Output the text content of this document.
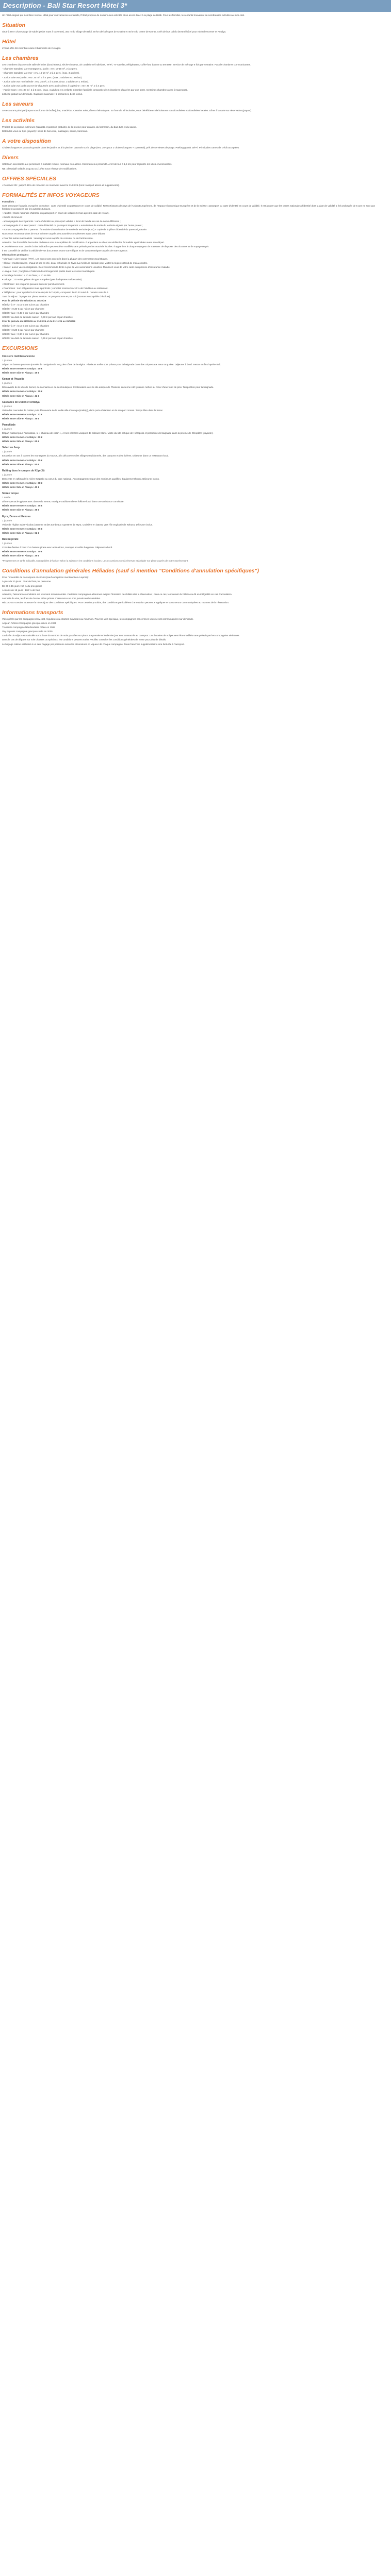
Description - Bali Star Resort Hôtel 3*

Un hôtel élégant qui s'est bien rénové. Idéal pour vos vacances en famille, l'hôtel propose de nombreuses activités et un accès direct à la plage de Beldi. Pour les familles, les enfants trouveront de nombreuses activités au mini-club.

Situation

Situé à 50 m d'une plage de sable (petite route à traverser), 300 m du village de Beldi, 50 km de l'aéroport de Antalya et 45 km du centre de Kemer. Arrêt de bus public devant l'hôtel pour rejoindre Kemer et Antalya.

Hôtel

L'hôtel offre 98 chambres dans 3 bâtiments de 2 étages.

Les chambres

Les chambres disposent de salle de bains (douche/WC), sèche-cheveux, air conditionné individuel, Wi-Fi, TV satellite, réfrigérateur, coffre-fort, balcon ou terrasse. Service de ménage 6 fois par semaine. Pas de chambres communicantes.

- Chambre standard vue montagne ou jardin : env. 16-18 m², 2 à 3 pers.

- Chambre standard vue mer : env. 16-18 m², 2 à 3 pers. (max. 3 adultes).

- Junior suite vue jardin : env. 25 m², 2 à 4 pers. (max. 3 adultes et 1 enfant).

- Junior suite vue mer latérale : env. 25 m², 2 à 4 pers. (max. 3 adultes et 1 enfant).

- Junior suite vue jardin au rez-de-chaussée avec accès direct à la piscine : env. 25 m², 2 à 4 pers.

- Family room : env. 30 m², 2 à 5 pers. (max. 4 adultes et 1 enfant). Chambre familiale composée de 2 chambres séparées par une porte. Certaines chambres avec lit superposé.

Lit bébé gratuit sur demande. Capacité maximale : 5 personnes, bébé inclus.

Les saveurs

Le restaurant principal (repas sous forme de buffet), bar, snack-bar. Certains soirs, dîners thématiques. En formule all inclusive, vous bénéficierez de boissons non alcoolisées et alcoolisées locales. Dîner à la carte sur réservation (payant).

Les activités

Profitez de la piscine extérieure (transats et parasols gratuits), de la piscine pour enfants, du hammam, du bain turc et du sauna.

Détendez-vous au Spa (payant) : soins de bien-être, massages, sauna, hammam.

A votre disposition

Chaises longues et parasols gratuits dans les jardins et à la piscine, parasols sur la plage (env. 20 € pour 2 chaises longues + 1 parasol), prêt de serviettes de plage. Parking gratuit. Wi-Fi. Principales cartes de crédit acceptées.

Divers

Hôtel non accessible aux personnes à mobilité réduite. Animaux non admis. Commerces à proximité. Arrêt de bus à 1,5 km pour rejoindre les villes environnantes.

NB : descriptif valable jusqu'au 31/10/23 sous réserve de modifications.

OFFRES SPÉCIALES

• Réservez tôt : jusqu'à 15% de réduction en réservant avant le 31/03/26 (hors transport aérien et suppléments).

FORMALITÉS ET INFOS VOYAGEURS

Formalités :

Sont passeport français, européen ou suisse : carte d'identité ou passeport en cours de validité. Ressortissants de pays de l'Union Européenne, de l'Espace Économique Européen et de la Suisse : passeport ou carte d'identité en cours de validité. Il est à noter que les cartes nationales d'identité dont la date de validité a été prolongée de 5 ans ne sont pas forcément acceptées par les autorités turques.

• Adultes : Carte nationale d'identité ou passeport en cours de validité (6 mois après la date de retour).

• Bébés et mineurs :

- accompagnés des 2 parents : carte d'identité ou passeport valides + livret de famille en cas de noms différents ;

- accompagnés d'un seul parent : carte d'identité ou passeport du parent + autorisation de sortie du territoire signée par l'autre parent ;

- non accompagnés des 2 parents : formulaire d'autorisation de sortie de territoire (AST) + copie de la pièce d'identité du parent signataire.

Nous vous recommandons de vous informer auprès des autorités compétentes avant votre départ.

• Pour les autres nationalités : renseignez-vous auprès du consulat ou de l'ambassade.

Attention : les formalités énoncées ci-dessus sont susceptibles de modification. Il appartient au client de vérifier les formalités applicables avant son départ.

• Ces éléments sont donnés à titre indicatif et peuvent être modifiés sans préavis par les autorités locales. Il appartient à chaque voyageur de s'assurer de disposer des documents de voyage requis.

Il est conseillé de vérifier la validité de vos documents avant votre départ et de vous renseigner auprès de votre agence.

Informations pratiques :

• Monnaie : Livre turque (TRY). Les euros sont acceptés dans la plupart des commerces touristiques.

• Climat : méditerranéen, chaud et sec en été, doux et humide en hiver. La meilleure période pour visiter la région s'étend de mai à octobre.

• Santé : aucun vaccin obligatoire. Il est recommandé d'être à jour de vos vaccinations usuelles. Munissez-vous de votre carte européenne d'assurance maladie.

• Langue : turc ; l'anglais et l'allemand sont largement parlés dans les zones touristiques.

• Décalage horaire : + 1h en hiver, + 1h en été.

• Voltage : 220 volts, prises de type européen (pas d'adaptateur nécessaire).

• Électricité : les coupures peuvent survenir ponctuellement.

• Pourboires : non obligatoires mais appréciés ; comptez environ 5 à 10 % de l'addition au restaurant.

• Téléphone : pour appeler la France depuis la Turquie, composez le 00 33 suivi du numéro sans le 0.

Taxe de séjour : à payer sur place, environ 2 € par personne et par nuit (montant susceptible d'évoluer).

Pour la période du 01/04/26 au 30/10/26

Hôtel 2* à 4* : 0,15 € par nuit et par chambre

Hôtel 5* : 0,30 € par nuit et par chambre

Hôtel 5* luxe : 0,45 € par nuit et par chambre

Hôtel 5* au-delà de la haute saison : 0,60 € par nuit et par chambre

Pour la période du 01/01/26 au 31/03/26 et du 01/11/26 au 31/12/26

Hôtel 2* à 4* : 0,10 € par nuit et par chambre

Hôtel 5* : 0,20 € par nuit et par chambre

Hôtel 5* luxe : 0,30 € par nuit et par chambre

Hôtel 5* au-delà de la haute saison : 0,45 € par nuit et par chambre

EXCURSIONS
Croisière méditerranéenne

1 journée

Départ en bateau pour une journée de navigation le long des côtes de la région. Plusieurs arrêts sont prévus pour la baignade dans des criques aux eaux turquoise. Déjeuner à bord. Retour en fin d'après-midi.

Hôtels entre Kemer et Antalya : 40 €

Hôtels entre Side et Alanya : 45 €

Kemer et Phaselis

1 journée

Découverte de la ville de Kemer, de sa marina et de ses boutiques. Continuation vers le site antique de Phaselis, ancienne cité lycienne nichée au cœur d'une forêt de pins. Temps libre pour la baignade.

Hôtels entre Kemer et Antalya : 35 €

Hôtels entre Side et Alanya : 42 €

Cascades de Düden et Antalya

1 journée

Visite des cascades de Düden puis découverte de la vieille ville d'Antalya (Kaleiçi), de la porte d'Hadrien et de son port romain. Temps libre dans le bazar.

Hôtels entre Kemer et Antalya : 32 €

Hôtels entre Side et Alanya : 38 €

Pamukkale

1 journée

Départ matinal pour Pamukkale, le « château de coton », et ses célèbres vasques de calcaire blanc. Visite du site antique de Hiérapolis et possibilité de baignade dans la piscine de Cléopâtre (payante).

Hôtels entre Kemer et Antalya : 60 €

Hôtels entre Side et Alanya : 65 €

Safari en Jeep

1 journée

Excursion en 4x4 à travers les montagnes du Taurus, à la découverte des villages traditionnels, des canyons et des rivières. Déjeuner dans un restaurant local.

Hôtels entre Kemer et Antalya : 45 €

Hôtels entre Side et Alanya : 50 €

Rafting dans le canyon de Köprülü

1 journée

Descente en rafting de la rivière Köprülü au cœur du parc national. Accompagnement par des moniteurs qualifiés. Équipement fourni. Déjeuner inclus.

Hôtels entre Kemer et Antalya : 38 €

Hôtels entre Side et Alanya : 40 €

Soirée turque

1 soirée

Dîner-spectacle typique avec danse du ventre, musique traditionnelle et folklore local dans une ambiance conviviale.

Hôtels entre Kemer et Antalya : 35 €

Hôtels entre Side et Alanya : 38 €

Myra, Demre et Kekova

1 journée

Visite de l'église Saint-Nicolas à Demre et des tombeaux rupestres de Myra. Croisière en bateau vers l'île engloutie de Kekova. Déjeuner inclus.

Hôtels entre Kemer et Antalya : 55 €

Hôtels entre Side et Alanya : 62 €

Bateau pirate

1 journée

Croisière festive à bord d'un bateau pirate avec animations, musique et arrêts baignade. Déjeuner à bord.

Hôtels entre Kemer et Antalya : 30 €

Hôtels entre Side et Alanya : 35 €

*Programmes et tarifs indicatifs, susceptibles d'évoluer selon la saison et les conditions locales. Les excursions sont à réserver et à régler sur place auprès de notre représentant.

Conditions d'annulation générales Héliades (sauf si mention "Conditions d'annulation spécifiques")

Pour l'ensemble de nos séjours et circuits (sauf exceptions mentionnées ci-après) :

À plus de 30 jours : 35 € de frais par personne

De 30 à 15 jours : 50 % du prix global

À moins de 15 jours : 100 % de frais

Attention, l'assurance annulation est vivement recommandée. Certaines compagnies aériennes exigent l'émission des billets dès la réservation ; dans ce cas, le montant du billet sera dû en intégralité en cas d'annulation.

Les frais de visa, les frais de dossier et les primes d'assurance ne sont jamais remboursables.

HÉLIADES consulte et assure la mise à jour des conditions spécifiques. Pour certains produits, des conditions particulières d'annulation peuvent s'appliquer et vous seront communiquées au moment de la réservation.

Informations transports

Vols opérés par les compagnies low cost, régulières ou charters suivantes au minimum. Pour les vols spéciaux, les compagnies concernées vous seront communiquées sur demande.

Aegean Airlines Compagnie grecque créée en 1999

Transavia compagnie Néerlandaise créée en 1965

Sky Express compagnie grecque créée en 2005

La durée du séjour est calculée sur la base du nombre de nuits passées sur place. Le premier et le dernier jour sont consacrés au transport. Les horaires de vol peuvent être modifiés sans préavis par les compagnies aériennes.

Dans le cas de départs sur vols charters ou spéciaux, les conditions peuvent varier. Veuillez consulter les conditions générales de vente pour plus de détails.

Le bagage cabine est limité à un seul bagage par personne selon les dimensions en vigueur de chaque compagnie. Toute franchise supplémentaire sera facturée à l'aéroport.
